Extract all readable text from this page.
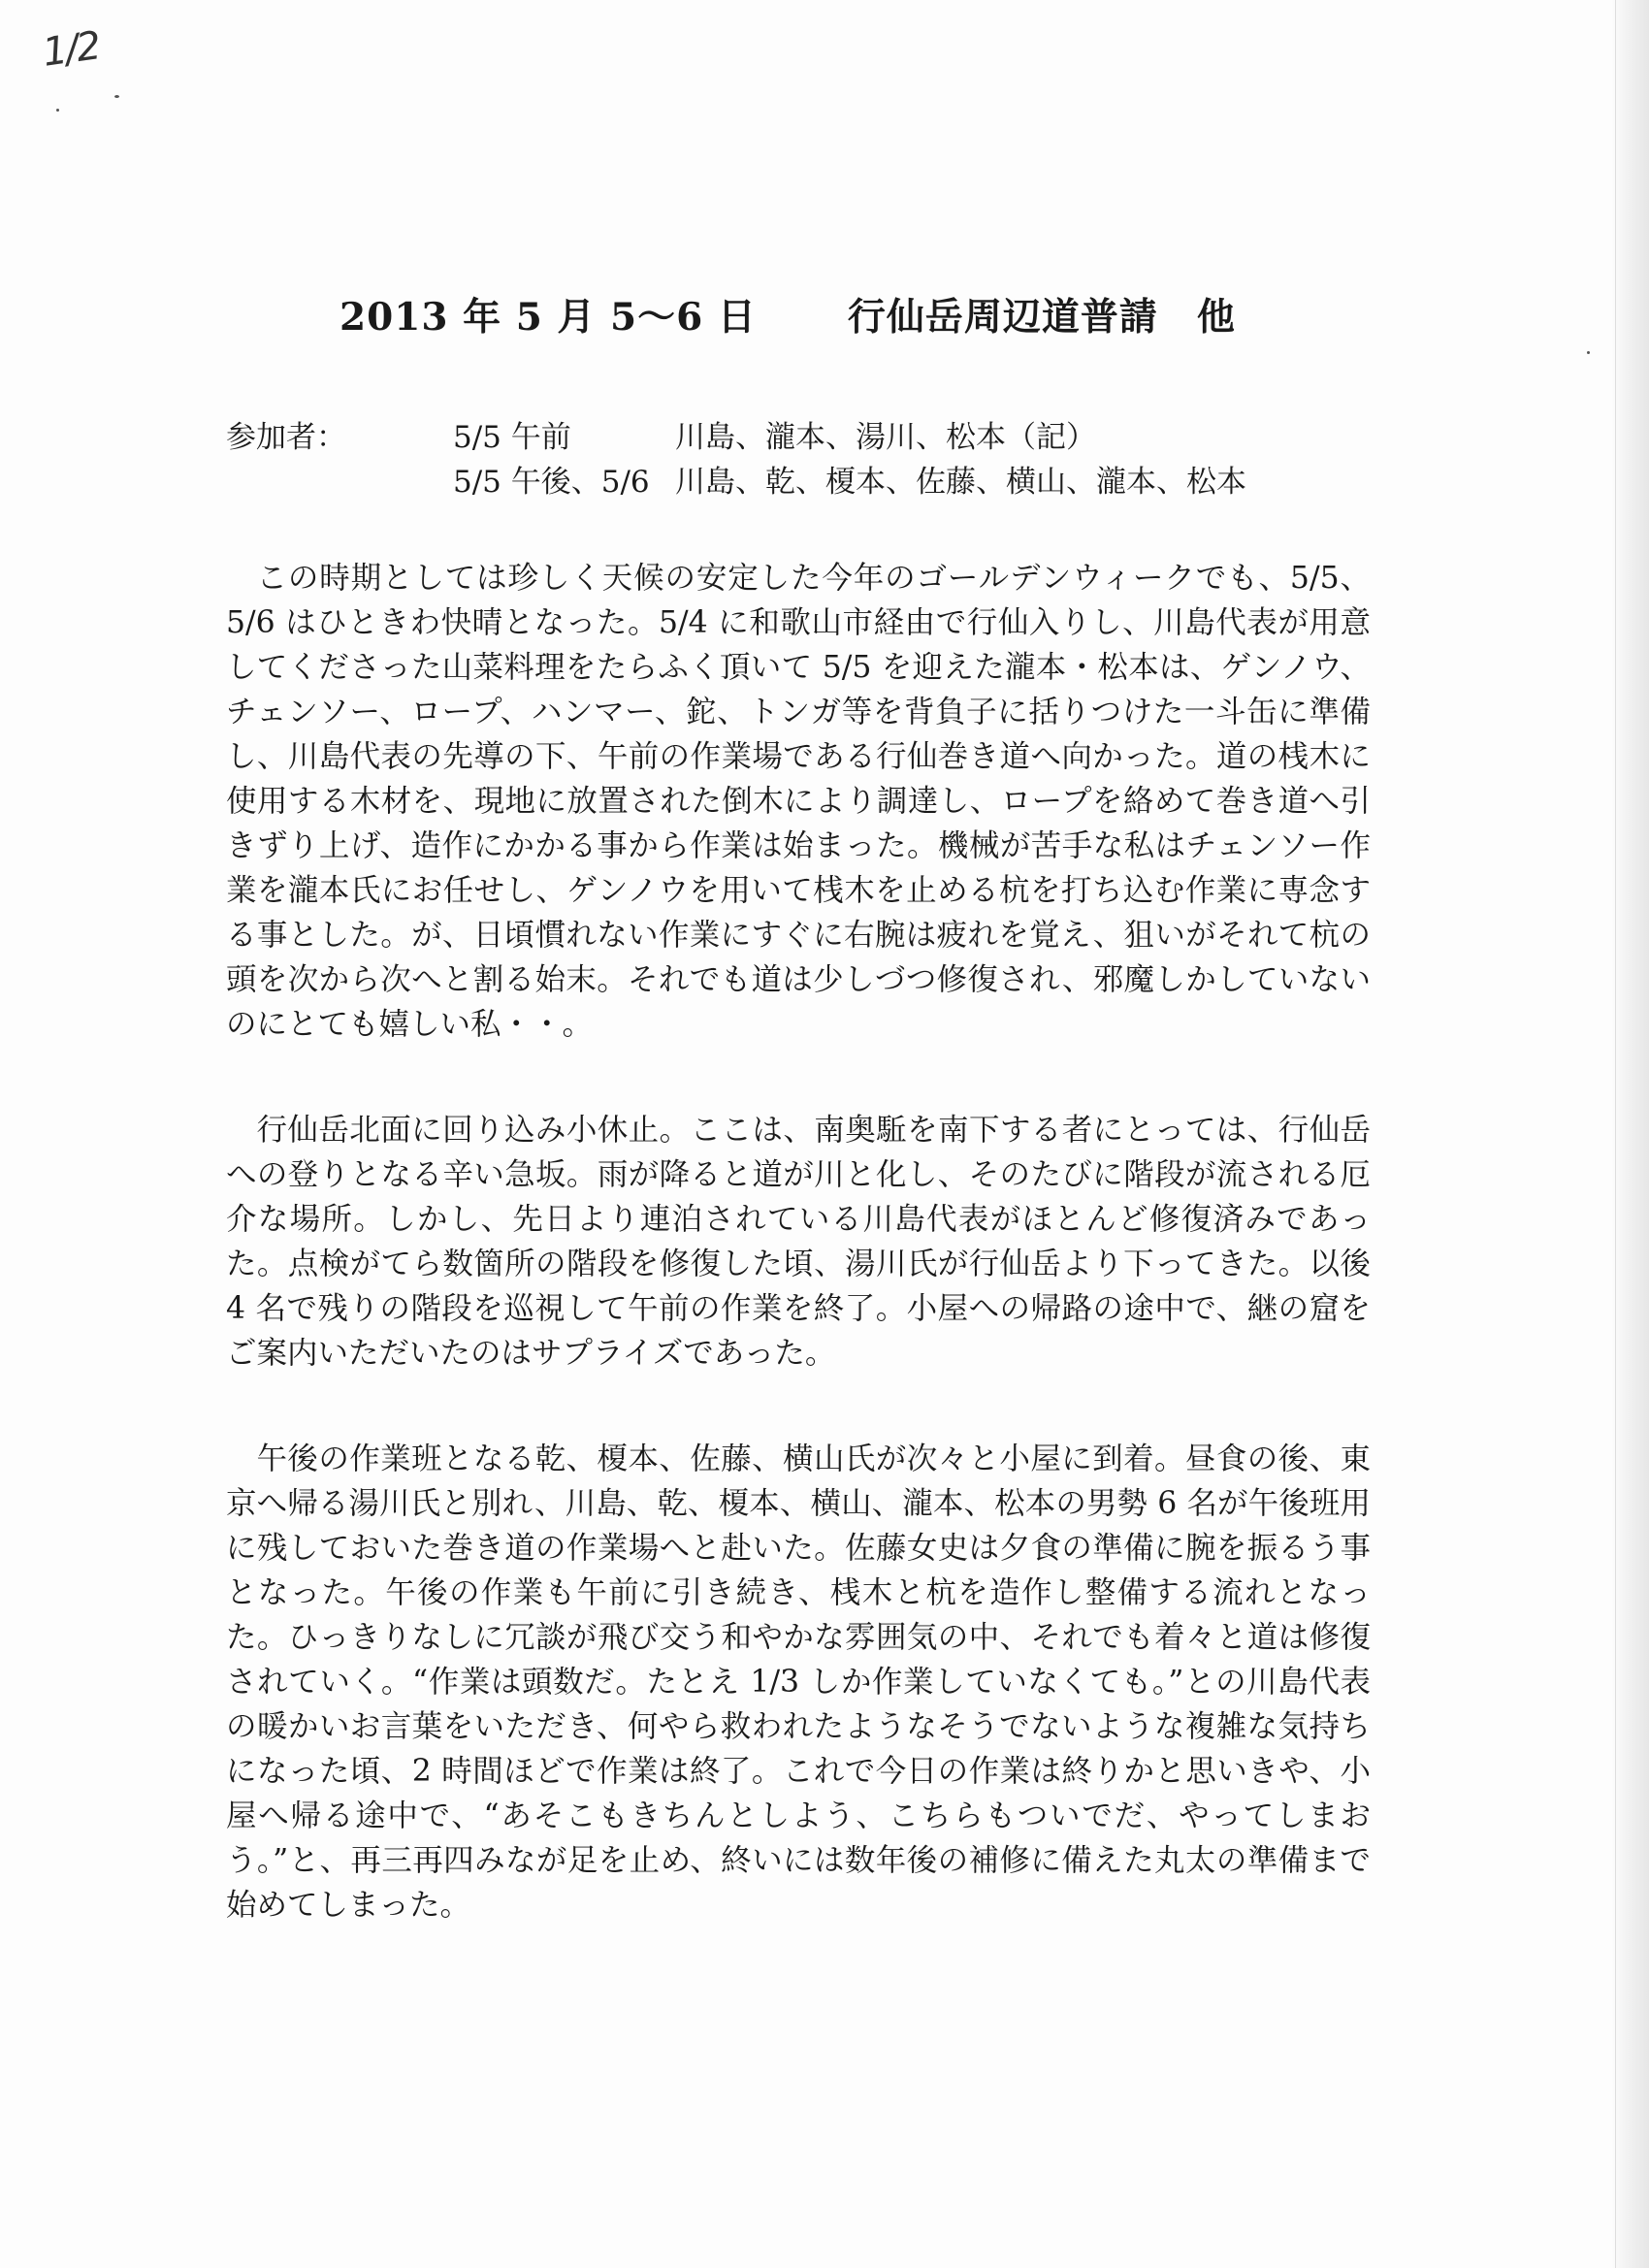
1/2
2013 年 5 月 5〜6 日 行仙岳周辺道普請　他
参加者：	5/5 午前	川島、瀧本、湯川、松本（記）
5/5 午後、5/6 川島、乾、榎本、佐藤、横山、瀧本、松本

この時期としては珍しく天候の安定した今年のゴールデンウィークでも、5/5、5/6 はひときわ快晴となった。5/4 に和歌山市経由で行仙入りし、川島代表が用意してくださった山菜料理をたらふく頂いて 5/5 を迎えた瀧本・松本は、ゲンノウ、チェンソー、ロープ、ハンマー、鉈、トンガ等を背負子に括りつけた一斗缶に準備し、川島代表の先導の下、午前の作業場である行仙巻き道へ向かった。道の桟木に使用する木材を、現地に放置された倒木により調達し、ロープを絡めて巻き道へ引きずり上げ、造作にかかる事から作業は始まった。機械が苦手な私はチェンソー作業を瀧本氏にお任せし、ゲンノウを用いて桟木を止める杭を打ち込む作業に専念する事とした。が、日頃慣れない作業にすぐに右腕は疲れを覚え、狙いがそれて杭の頭を次から次へと割る始末。それでも道は少しづつ修復され、邪魔しかしていないのにとても嬉しい私・・。

行仙岳北面に回り込み小休止。ここは、南奥駈を南下する者にとっては、行仙岳への登りとなる辛い急坂。雨が降ると道が川と化し、そのたびに階段が流される厄介な場所。しかし、先日より連泊されている川島代表がほとんど修復済みであった。点検がてら数箇所の階段を修復した頃、湯川氏が行仙岳より下ってきた。以後 4 名で残りの階段を巡視して午前の作業を終了。小屋への帰路の途中で、継の窟をご案内いただいたのはサプライズであった。

午後の作業班となる乾、榎本、佐藤、横山氏が次々と小屋に到着。昼食の後、東京へ帰る湯川氏と別れ、川島、乾、榎本、横山、瀧本、松本の男勢 6 名が午後班用に残しておいた巻き道の作業場へと赴いた。佐藤女史は夕食の準備に腕を振るう事となった。午後の作業も午前に引き続き、桟木と杭を造作し整備する流れとなった。ひっきりなしに冗談が飛び交う和やかな雰囲気の中、それでも着々と道は修復されていく。“作業は頭数だ。たとえ 1/3 しか作業していなくても。”との川島代表の暖かいお言葉をいただき、何やら救われたようなそうでないような複雑な気持ちになった頃、2 時間ほどで作業は終了。これで今日の作業は終りかと思いきや、小屋へ帰る途中で、“あそこもきちんとしよう、こちらもついでだ、やってしまおう。”と、再三再四みなが足を止め、終いには数年後の補修に備えた丸太の準備まで始めてしまった。
